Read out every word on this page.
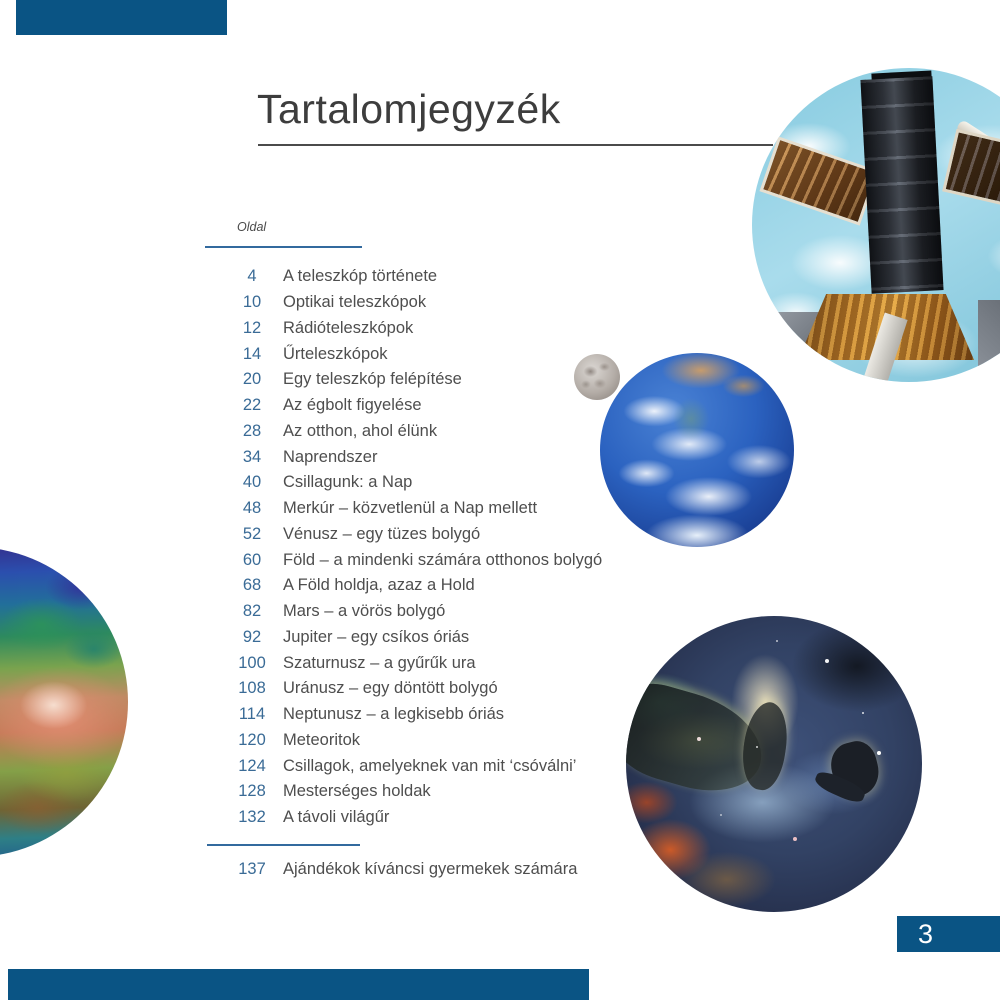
Tartalomjegyzék
Oldal
4	A teleszkóp története
10	Optikai teleszkópok
12	Rádióteleszkópok
14	Űrteleszkópok
20	Egy teleszkóp felépítése
22	Az égbolt figyelése
28	Az otthon, ahol élünk
34	Naprendszer
40	Csillagunk: a Nap
48	Merkúr – közvetlenül a Nap mellett
52	Vénusz – egy tüzes bolygó
60	Föld – a mindenki számára otthonos bolygó
68	A Föld holdja, azaz a Hold
82	Mars – a vörös bolygó
92	Jupiter – egy csíkos óriás
100	Szaturnusz – a gyűrűk ura
108	Uránusz – egy döntött bolygó
114	Neptunusz – a legkisebb óriás
120	Meteoritok
124	Csillagok, amelyeknek van mit ‘csóválni’
128	Mesterséges holdak
132	A távoli világűr
137	Ajándékok kíváncsi gyermekek számára
3
